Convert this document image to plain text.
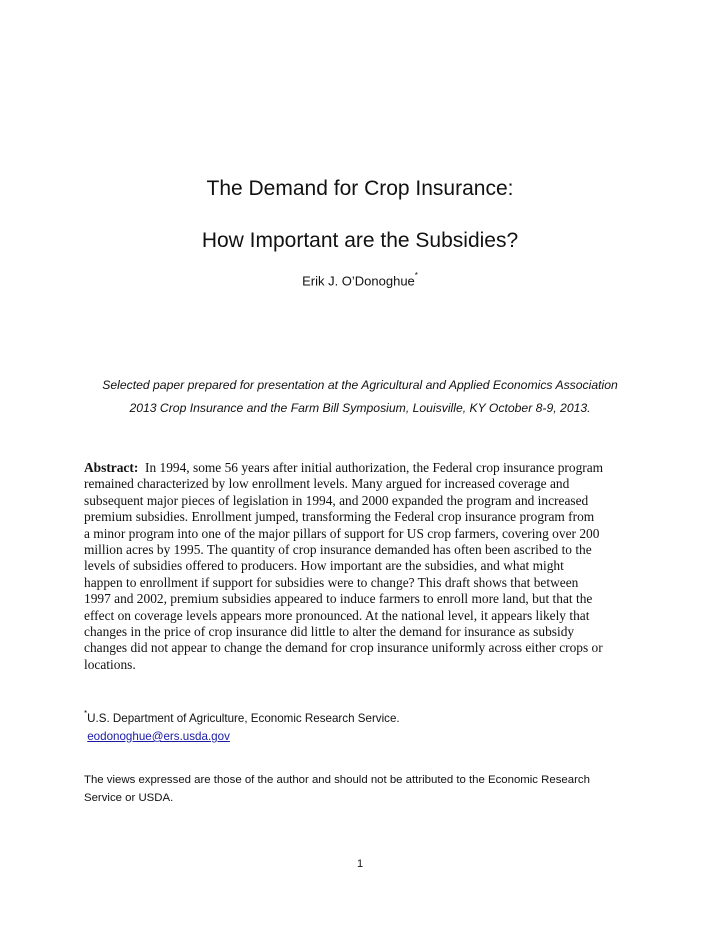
The Demand for Crop Insurance:
How Important are the Subsidies?
Erik J. O’Donoghue*
Selected paper prepared for presentation at the Agricultural and Applied Economics Association
2013 Crop Insurance and the Farm Bill Symposium, Louisville, KY October 8-9, 2013.
Abstract: In 1994, some 56 years after initial authorization, the Federal crop insurance program
remained characterized by low enrollment levels. Many argued for increased coverage and
subsequent major pieces of legislation in 1994, and 2000 expanded the program and increased
premium subsidies. Enrollment jumped, transforming the Federal crop insurance program from
a minor program into one of the major pillars of support for US crop farmers, covering over 200
million acres by 1995. The quantity of crop insurance demanded has often been ascribed to the
levels of subsidies offered to producers. How important are the subsidies, and what might
happen to enrollment if support for subsidies were to change? This draft shows that between
1997 and 2002, premium subsidies appeared to induce farmers to enroll more land, but that the
effect on coverage levels appears more pronounced. At the national level, it appears likely that
changes in the price of crop insurance did little to alter the demand for insurance as subsidy
changes did not appear to change the demand for crop insurance uniformly across either crops or
locations.
*U.S. Department of Agriculture, Economic Research Service.
eodonoghue@ers.usda.gov
The views expressed are those of the author and should not be attributed to the Economic Research
Service or USDA.
1
